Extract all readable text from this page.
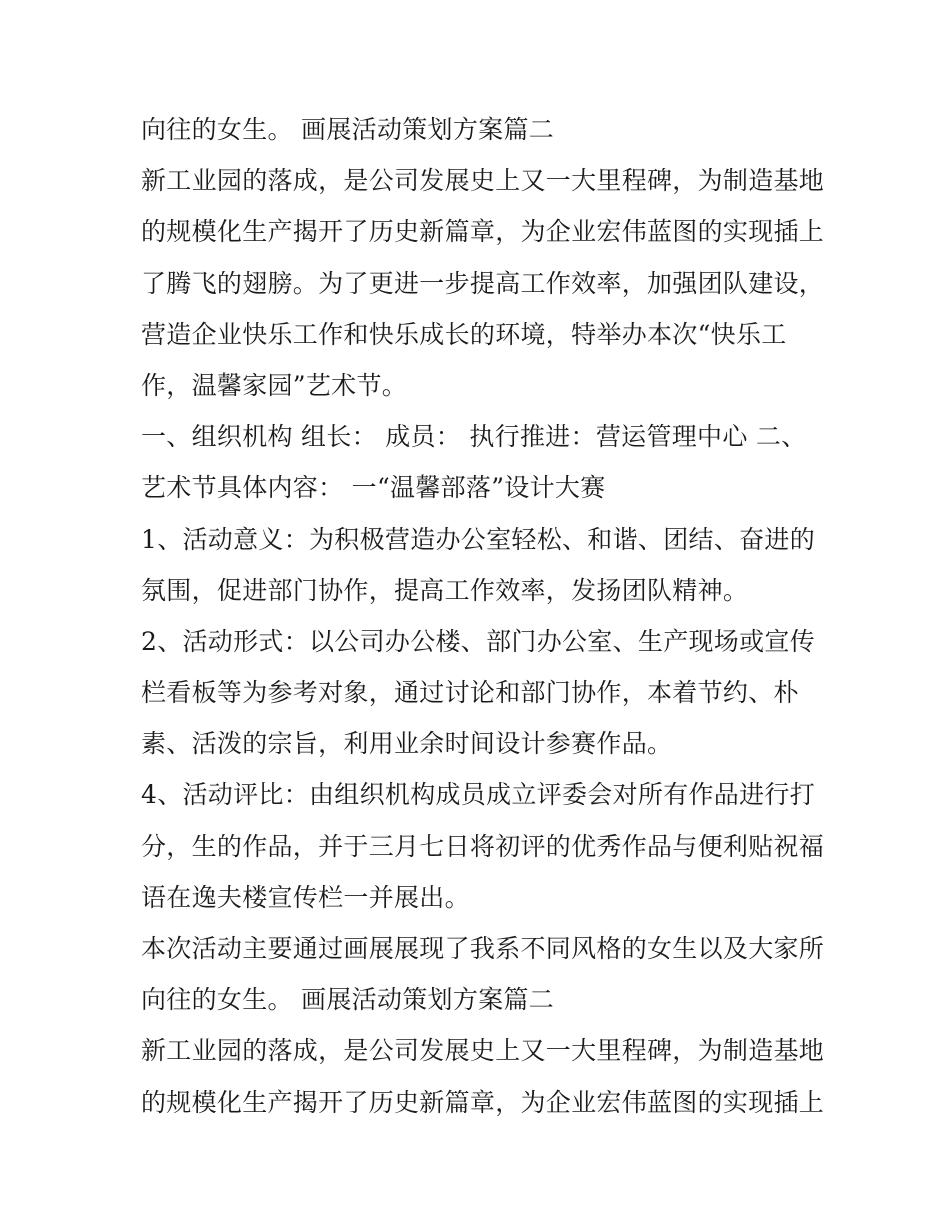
向往的女生。 画展活动策划方案篇二
新工业园的落成，是公司发展史上又一大里程碑，为制造基地
的规模化生产揭开了历史新篇章，为企业宏伟蓝图的实现插上
了腾飞的翅膀。为了更进一步提高工作效率，加强团队建设，
营造企业快乐工作和快乐成长的环境，特举办本次“快乐工
作，温馨家园”艺术节。
一、组织机构 组长： 成员： 执行推进：营运管理中心 二、
艺术节具体内容： 一“温馨部落”设计大赛
1、活动意义：为积极营造办公室轻松、和谐、团结、奋进的
氛围，促进部门协作，提高工作效率，发扬团队精神。
2、活动形式：以公司办公楼、部门办公室、生产现场或宣传
栏看板等为参考对象，通过讨论和部门协作，本着节约、朴
素、活泼的宗旨，利用业余时间设计参赛作品。
4、活动评比：由组织机构成员成立评委会对所有作品进行打
分，生的作品，并于三月七日将初评的优秀作品与便利贴祝福
语在逸夫楼宣传栏一并展出。
本次活动主要通过画展展现了我系不同风格的女生以及大家所
向往的女生。 画展活动策划方案篇二
新工业园的落成，是公司发展史上又一大里程碑，为制造基地
的规模化生产揭开了历史新篇章，为企业宏伟蓝图的实现插上
